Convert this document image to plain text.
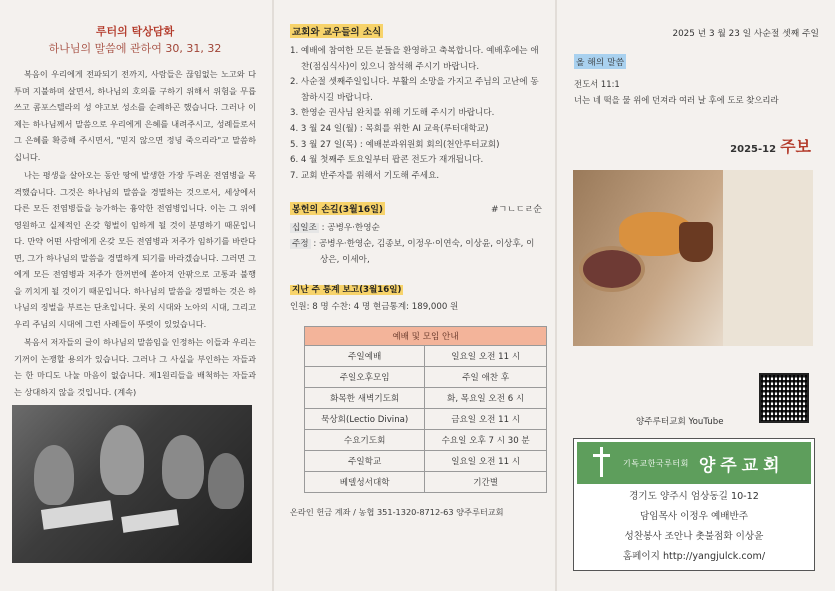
루터의 탁상담화
하나님의 말씀에 관하여 30, 31, 32

복음이 우리에게 전파되기 전까지, 사람들은 끊임없는 노고와 다투며 지불하며 살면서, 하나님의 호의를 구하기 위해서 위험을 무릅쓰고 콤포스텔라의 성 야고보 성소를 순례하곤 했습니다. 그러나 이제는 하나님께서 말씀으로 우리에게 은혜를 내려주시고, 성례들로서 그 은혜를 확증해 주시면서, "믿지 않으면 정녕 죽으리라"고 말씀하십니다.

나는 평생을 살아오는 동안 땅에 발생한 가장 두려운 전염병을 목격했습니다. 그것은 하나님의 말씀을 경멸하는 것으로서, 세상에서 다른 모든 전염병들을 능가하는 흉악한 전염병입니다. 이는 그 위에 영원하고 실제적인 온갖 형벌이 임하게 될 것이 분명하기 때문입니다. 만약 어떤 사람에게 온갖 모든 전염병과 저주가 임하기를 바란다면, 그가 하나님의 말씀을 경멸하게 되기를 바라겠습니다. 그러면 그에게 모든 전염병과 저주가 한꺼번에 쏟아져 안팎으로 고통과 불행을 끼치게 될 것이기 때문입니다. 하나님의 말씀을 경멸하는 것은 하나님의 징벌을 부르는 단초입니다. 롯의 시대와 노아의 시대, 그리고 우리 주님의 시대에 그런 사례들이 뚜렷이 있었습니다.

복음서 저자들의 글이 하나님의 말씀임을 인정하는 이들과 우리는 기꺼이 논쟁할 용의가 있습니다. 그러나 그 사실을 부인하는 자들과는 한 마디도 나눌 마음이 없습니다. 제1원리들을 배척하는 자들과는 상대하지 않을 것입니다. (계속)

교회와 교우들의 소식
1. 예배에 참여한 모든 분들을 환영하고 축복합니다. 예배후에는 애찬(점심식사)이 있으니 참석해 주시기 바랍니다.
2. 사순절 셋째주일입니다. 부활의 소망을 가지고 주님의 고난에 동참하시길 바랍니다.
3. 한영순 권사님 완치를 위해 기도해 주시기 바랍니다.
4. 3 월 24 일(월) : 목회를 위한 AI 교육(루터대학교)
5. 3 월 27 일(목) : 예배분과위원회 회의(천안루터교회)
6. 4 월 첫째주 토요일부터 팝콘 전도가 재개됩니다.
7. 교회 반주자를 위해서 기도해 주세요.
봉헌의 손길(3월16일)	#ㄱㄴㄷㄹ순
십일조 : 공병우·한영순
주정 : 공병우·한영순, 김종보, 이정우·이연숙, 이상윤, 이상후, 이상은, 이세아,
지난 주 통계 보고(3월16일)
인원: 8 명 수찬: 4 명 현금통계: 189,000 원
예배 및 모임 안내	
주일예배	일요일 오전 11 시
주일오후모임	주일 애찬 후
화목한 새벽기도회	화, 목요일 오전 6 시
묵상회(Lectio Divina)	금요일 오전 11 시
수요기도회	수요일 오후 7 시 30 분
주일학교	일요일 오전 11 시
베델성서대학	기간별
온라인 헌금 계좌 / 농협 351-1320-8712-63 양주루터교회
2025 년 3 월 23 일 사순절 셋째 주일
올 해의 말씀
전도서 11:1
너는 네 떡을 물 위에 던져라 여러 날 후에 도로 찾으리라
2025-12 주보
양주루터교회 YouTube
기독교한국루터회 양주교회
경기도 양주시 엄상동길 10-12
담임목사 이정우 예배반주
성찬봉사 조안나 촛불점화 이상윤
홈페이지 http://yangjulck.com/
